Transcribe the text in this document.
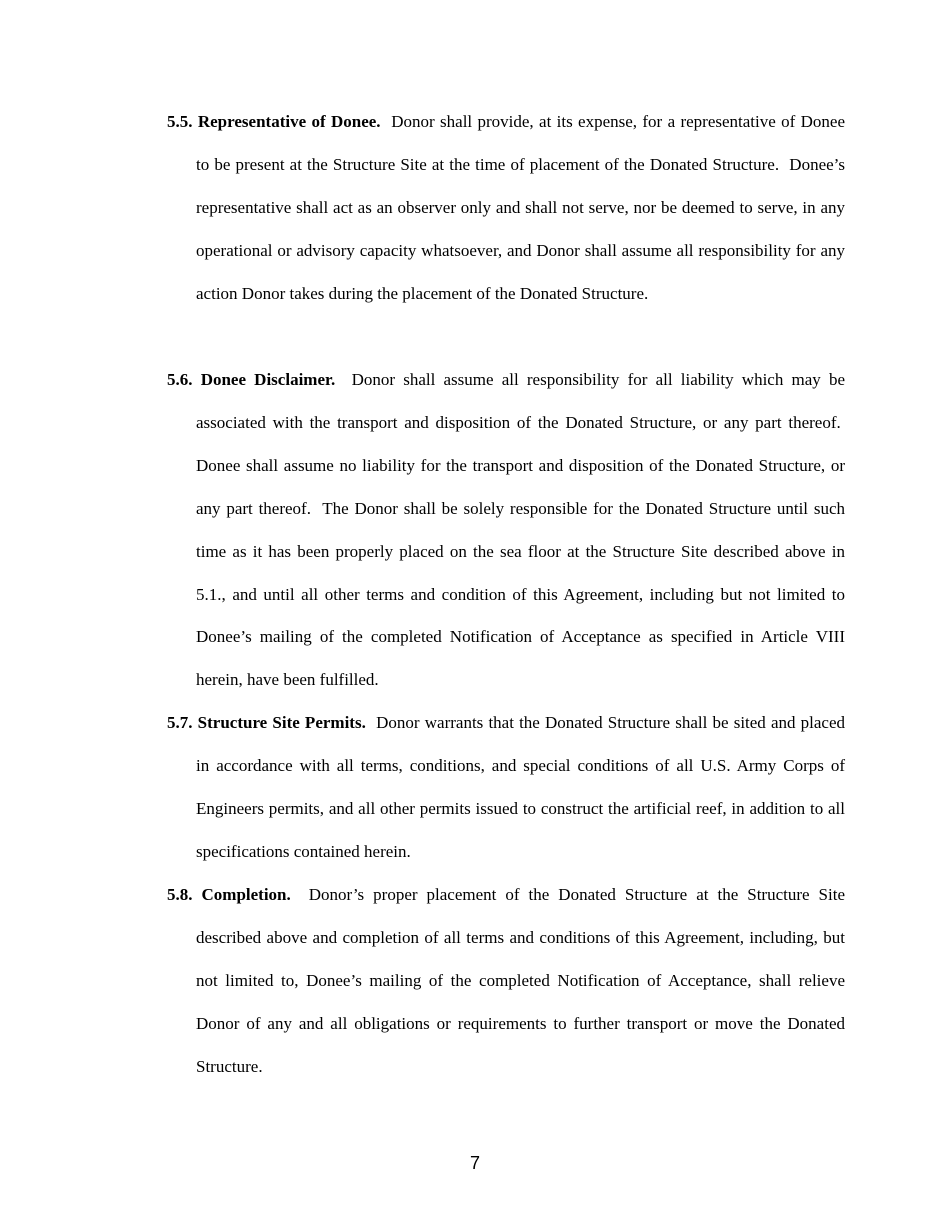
5.5. Representative of Donee. Donor shall provide, at its expense, for a representative of Donee to be present at the Structure Site at the time of placement of the Donated Structure.  Donee’s representative shall act as an observer only and shall not serve, nor be deemed to serve, in any operational or advisory capacity whatsoever, and Donor shall assume all responsibility for any action Donor takes during the placement of the Donated Structure.

5.6. Donee Disclaimer. Donor shall assume all responsibility for all liability which may be associated with the transport and disposition of the Donated Structure, or any part thereof.  Donee shall assume no liability for the transport and disposition of the Donated Structure, or any part thereof.  The Donor shall be solely responsible for the Donated Structure until such time as it has been properly placed on the sea floor at the Structure Site described above in 5.1., and until all other terms and condition of this Agreement, including but not limited to Donee’s mailing of the completed Notification of Acceptance as specified in Article VIII herein, have been fulfilled.

5.7. Structure Site Permits. Donor warrants that the Donated Structure shall be sited and placed in accordance with all terms, conditions, and special conditions of all U.S. Army Corps of Engineers permits, and all other permits issued to construct the artificial reef, in addition to all specifications contained herein.

5.8. Completion. Donor’s proper placement of the Donated Structure at the Structure Site described above and completion of all terms and conditions of this Agreement, including, but not limited to, Donee’s mailing of the completed Notification of Acceptance, shall relieve Donor of any and all obligations or requirements to further transport or move the Donated Structure.

7
